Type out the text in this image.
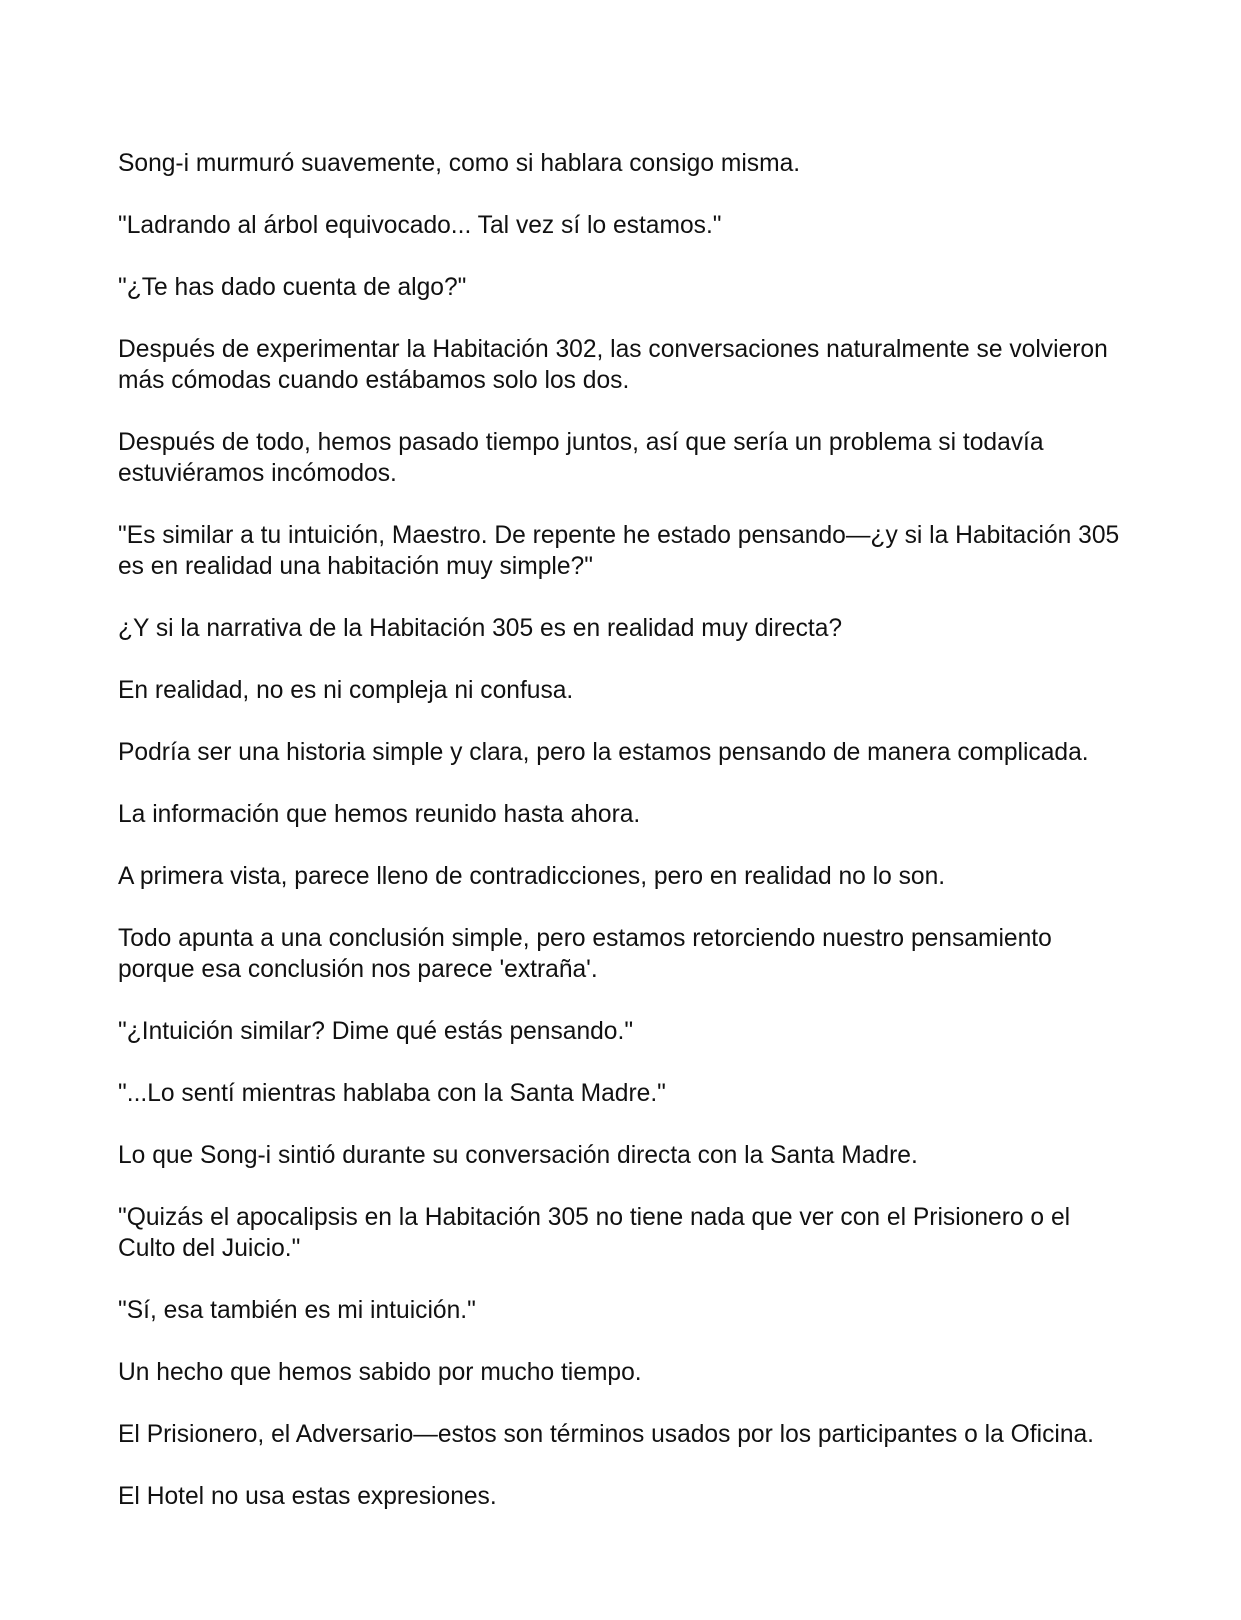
Song-i murmuró suavemente, como si hablara consigo misma.

"Ladrando al árbol equivocado... Tal vez sí lo estamos."

"¿Te has dado cuenta de algo?"

Después de experimentar la Habitación 302, las conversaciones naturalmente se volvieron más cómodas cuando estábamos solo los dos.

Después de todo, hemos pasado tiempo juntos, así que sería un problema si todavía estuviéramos incómodos.

"Es similar a tu intuición, Maestro. De repente he estado pensando—¿y si la Habitación 305 es en realidad una habitación muy simple?"

¿Y si la narrativa de la Habitación 305 es en realidad muy directa?

En realidad, no es ni compleja ni confusa.

Podría ser una historia simple y clara, pero la estamos pensando de manera complicada.

La información que hemos reunido hasta ahora.

A primera vista, parece lleno de contradicciones, pero en realidad no lo son.

Todo apunta a una conclusión simple, pero estamos retorciendo nuestro pensamiento porque esa conclusión nos parece 'extraña'.

"¿Intuición similar? Dime qué estás pensando."

"...Lo sentí mientras hablaba con la Santa Madre."

Lo que Song-i sintió durante su conversación directa con la Santa Madre.

"Quizás el apocalipsis en la Habitación 305 no tiene nada que ver con el Prisionero o el Culto del Juicio."

"Sí, esa también es mi intuición."

Un hecho que hemos sabido por mucho tiempo.

El Prisionero, el Adversario—estos son términos usados por los participantes o la Oficina.

El Hotel no usa estas expresiones.
